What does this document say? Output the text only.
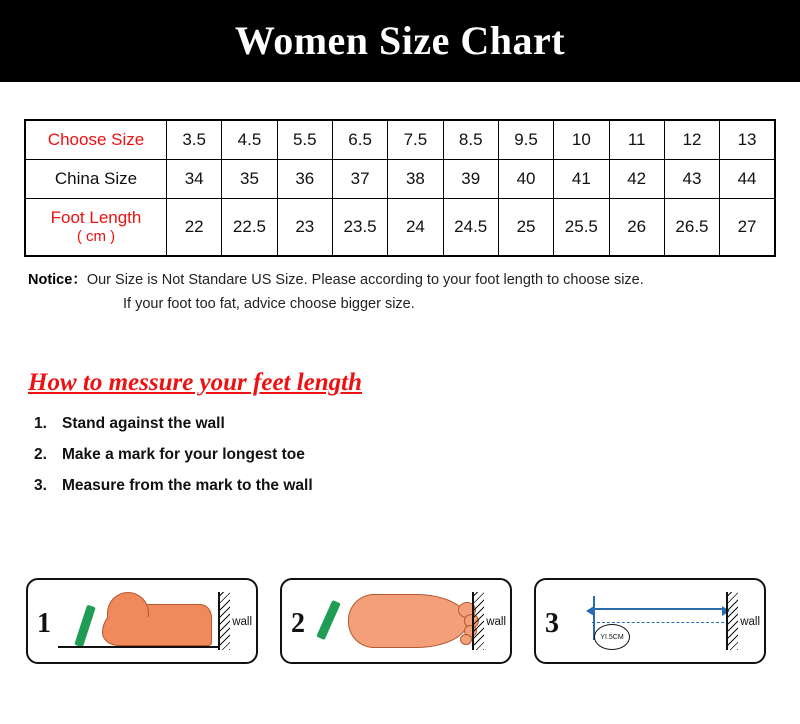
Women Size Chart
Choose Size	3.5	4.5	5.5	6.5	7.5	8.5	9.5	10	11	12	13
China Size	34	35	36	37	38	39	40	41	42	43	44
Foot Length
( cm )	22	22.5	23	23.5	24	24.5	25	25.5	26	26.5	27
Notice：Our Size is Not Standare US Size. Please according to your foot length to choose size.
If your foot too fat, advice choose bigger size.
How to messure your feet length
Stand against the wall
Make a mark for your longest toe
Measure from the mark to the wall
1	wall 2	wall 3	YI.5CM
wall
